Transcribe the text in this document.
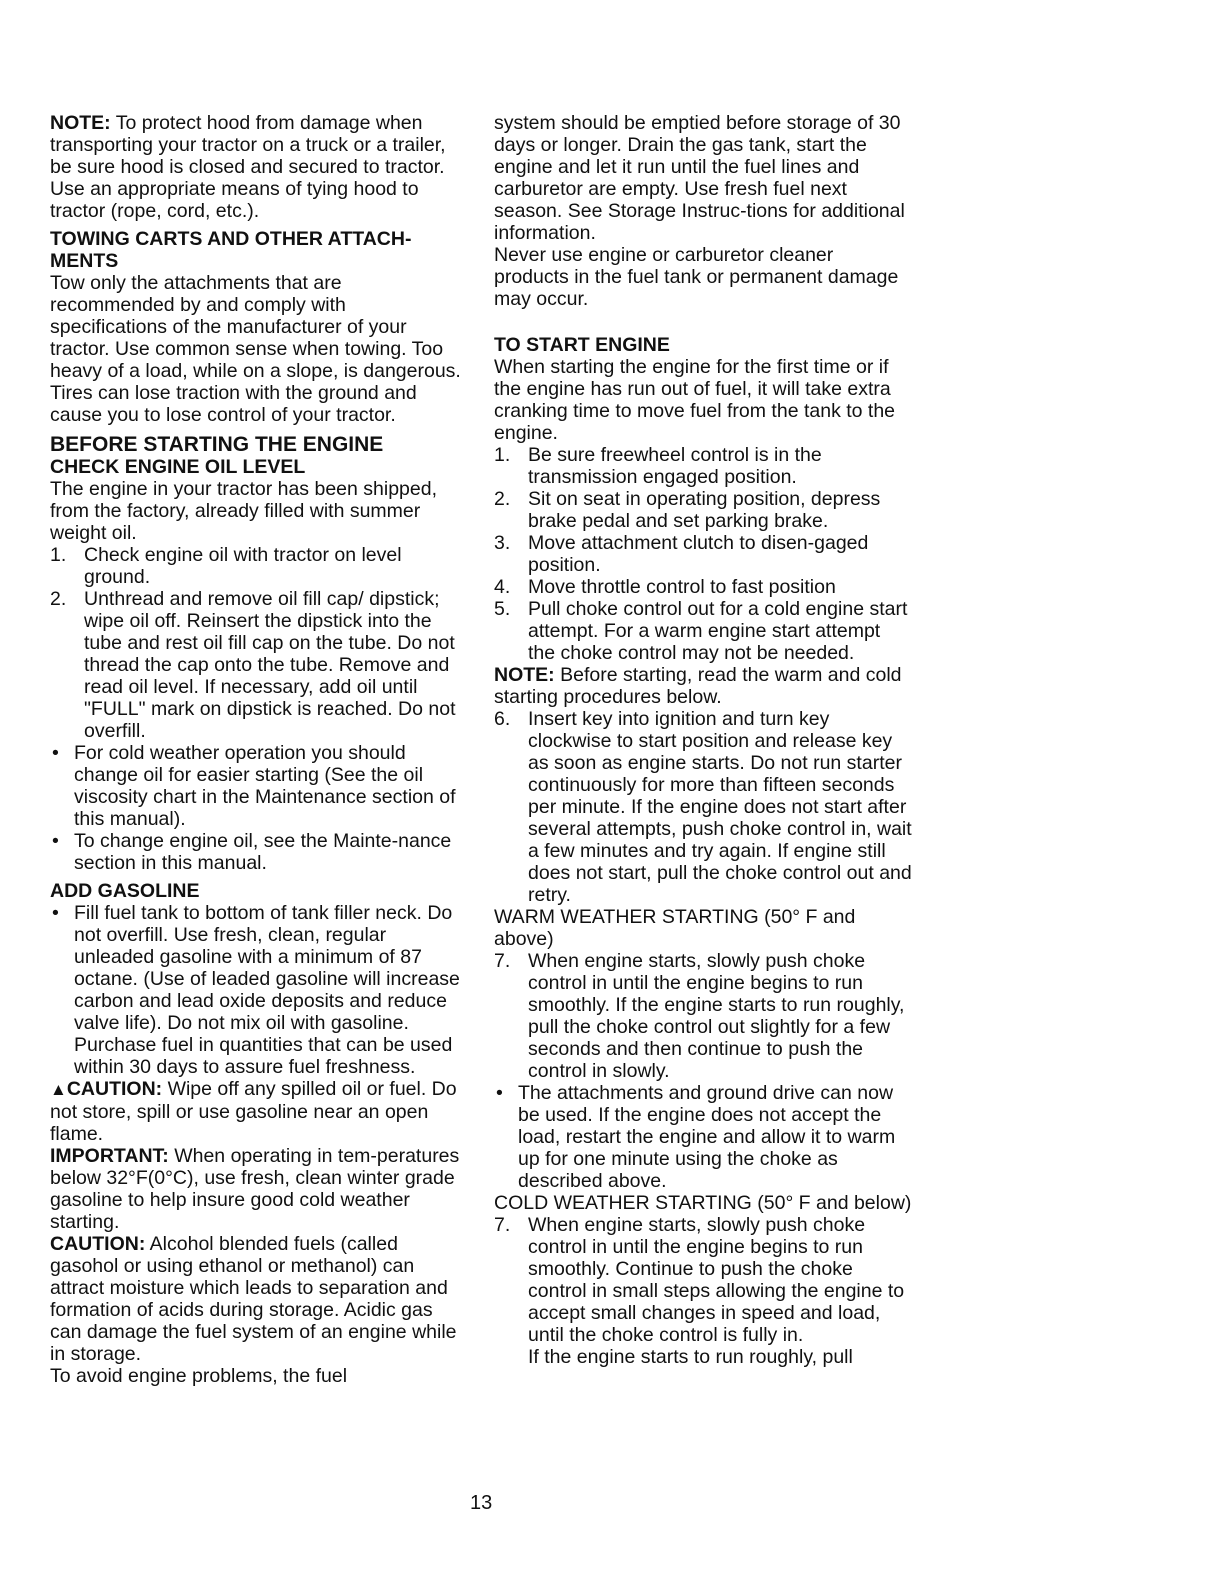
NOTE: To protect hood from damage when transporting your tractor on a truck or a trailer, be sure hood is closed and secured to tractor. Use an appropriate means of tying hood to tractor (rope, cord, etc.).

TOWING CARTS AND OTHER ATTACH-MENTS

Tow only the attachments that are recommended by and comply with specifications of the manufacturer of your tractor. Use common sense when towing. Too heavy of a load, while on a slope, is dangerous. Tires can lose traction with the ground and cause you to lose control of your tractor.

BEFORE STARTING THE ENGINE

CHECK ENGINE OIL LEVEL

The engine in your tractor has been shipped, from the factory, already filled with summer weight oil.

1. Check engine oil with tractor on level ground.
2. Unthread and remove oil fill cap/ dipstick; wipe oil off. Reinsert the dipstick into the tube and rest oil fill cap on the tube. Do not thread the cap onto the tube. Remove and read oil level. If necessary, add oil until "FULL" mark on dipstick is reached. Do not overfill.
• For cold weather operation you should change oil for easier starting (See the oil viscosity chart in the Maintenance section of this manual).
• To change engine oil, see the Mainte-nance section in this manual.

ADD GASOLINE

• Fill fuel tank to bottom of tank filler neck. Do not overfill. Use fresh, clean, regular unleaded gasoline with a minimum of 87 octane. (Use of leaded gasoline will increase carbon and lead oxide deposits and reduce valve life). Do not mix oil with gasoline. Purchase fuel in quantities that can be used within 30 days to assure fuel freshness.

▲CAUTION: Wipe off any spilled oil or fuel. Do not store, spill or use gasoline near an open flame.

IMPORTANT: When operating in tem-peratures below 32°F(0°C), use fresh, clean winter grade gasoline to help insure good cold weather starting.

CAUTION: Alcohol blended fuels (called gasohol or using ethanol or methanol) can attract moisture which leads to separation and formation of acids during storage. Acidic gas can damage the fuel system of an engine while in storage.

To avoid engine problems, the fuel

system should be emptied before storage of 30 days or longer. Drain the gas tank, start the engine and let it run until the fuel lines and carburetor are empty. Use fresh fuel next season. See Storage Instruc-tions for additional information.

Never use engine or carburetor cleaner products in the fuel tank or permanent damage may occur.

TO START ENGINE

When starting the engine for the first time or if the engine has run out of fuel, it will take extra cranking time to move fuel from the tank to the engine.

1. Be sure freewheel control is in the transmission engaged position.
2. Sit on seat in operating position, depress brake pedal and set parking brake.
3. Move attachment clutch to disen-gaged position.
4. Move throttle control to fast position
5. Pull choke control out for a cold engine start attempt. For a warm engine start attempt the choke control may not be needed.

NOTE: Before starting, read the warm and cold starting procedures below.

6. Insert key into ignition and turn key clockwise to start position and release key as soon as engine starts. Do not run starter continuously for more than fifteen seconds per minute. If the engine does not start after several attempts, push choke control in, wait a few minutes and try again. If engine still does not start, pull the choke control out and retry.

WARM WEATHER STARTING (50° F and above)

7. When engine starts, slowly push choke control in until the engine begins to run smoothly. If the engine starts to run roughly, pull the choke control out slightly for a few seconds and then continue to push the control in slowly.
• The attachments and ground drive can now be used. If the engine does not accept the load, restart the engine and allow it to warm up for one minute using the choke as described above.

COLD WEATHER STARTING (50° F and below)

7. When engine starts, slowly push choke control in until the engine begins to run smoothly. Continue to push the choke control in small steps allowing the engine to accept small changes in speed and load, until the choke control is fully in.

If the engine starts to run roughly, pull

13
